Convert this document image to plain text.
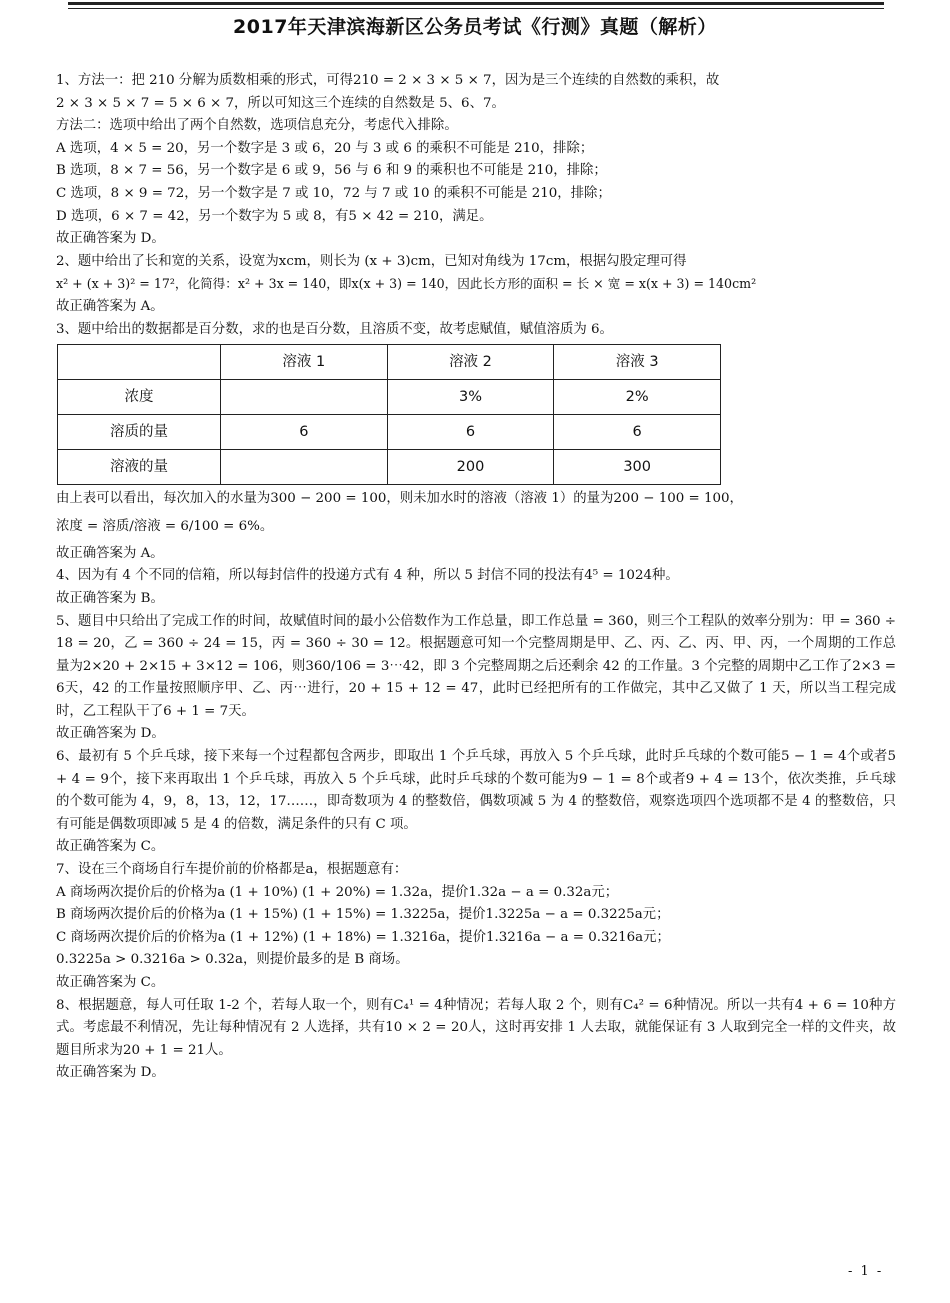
2017年天津滨海新区公务员考试《行测》真题（解析）

1、方法一：把 210 分解为质数相乘的形式，可得210 = 2 × 3 × 5 × 7，因为是三个连续的自然数的乘积，故

2 × 3 × 5 × 7 = 5 × 6 × 7，所以可知这三个连续的自然数是 5、6、7。

方法二：选项中给出了两个自然数，选项信息充分，考虑代入排除。

A 选项，4 × 5 = 20，另一个数字是 3 或 6，20 与 3 或 6 的乘积不可能是 210，排除；

B 选项，8 × 7 = 56，另一个数字是 6 或 9，56 与 6 和 9 的乘积也不可能是 210，排除；

C 选项，8 × 9 = 72，另一个数字是 7 或 10，72 与 7 或 10 的乘积不可能是 210，排除；

D 选项，6 × 7 = 42，另一个数字为 5 或 8，有5 × 42 = 210，满足。

故正确答案为 D。

2、题中给出了长和宽的关系，设宽为xcm，则长为 (x + 3)cm，已知对角线为 17cm，根据勾股定理可得

x² + (x + 3)² = 17²，化简得：x² + 3x = 140，即x(x + 3) = 140，因此长方形的面积 = 长 × 宽 = x(x + 3) = 140cm²

故正确答案为 A。

3、题中给出的数据都是百分数，求的也是百分数，且溶质不变，故考虑赋值，赋值溶质为 6。

	溶液 1	溶液 2	溶液 3
浓度		3%	2%
溶质的量	6	6	6
溶液的量		200	300

由上表可以看出，每次加入的水量为300 − 200 = 100，则未加水时的溶液（溶液 1）的量为200 − 100 = 100，

浓度 = 溶质/溶液 = 6/100 = 6%。

故正确答案为 A。

4、因为有 4 个不同的信箱，所以每封信件的投递方式有 4 种，所以 5 封信不同的投法有4⁵ = 1024种。

故正确答案为 B。

5、题目中只给出了完成工作的时间，故赋值时间的最小公倍数作为工作总量，即工作总量 = 360，则三个工程队的效率分别为：甲 = 360 ÷ 18 = 20，乙 = 360 ÷ 24 = 15，丙 = 360 ÷ 30 = 12。根据题意可知一个完整周期是甲、乙、丙、乙、丙、甲、丙，一个周期的工作总量为2×20 + 2×15 + 3×12 = 106，则360/106 = 3⋯42，即 3 个完整周期之后还剩余 42 的工作量。3 个完整的周期中乙工作了2×3 = 6天，42 的工作量按照顺序甲、乙、丙⋯进行，20 + 15 + 12 = 47，此时已经把所有的工作做完，其中乙又做了 1 天，所以当工程完成时，乙工程队干了6 + 1 = 7天。

故正确答案为 D。

6、最初有 5 个乒乓球，接下来每一个过程都包含两步，即取出 1 个乒乓球，再放入 5 个乒乓球，此时乒乓球的个数可能5 − 1 = 4个或者5 + 4 = 9个，接下来再取出 1 个乒乓球，再放入 5 个乒乓球，此时乒乓球的个数可能为9 − 1 = 8个或者9 + 4 = 13个，依次类推，乒乓球的个数可能为 4，9，8，13，12，17……，即奇数项为 4 的整数倍，偶数项减 5 为 4 的整数倍，观察选项四个选项都不是 4 的整数倍，只有可能是偶数项即减 5 是 4 的倍数，满足条件的只有 C 项。

故正确答案为 C。

7、设在三个商场自行车提价前的价格都是a，根据题意有：

A 商场两次提价后的价格为a (1 + 10%) (1 + 20%) = 1.32a，提价1.32a − a = 0.32a元；

B 商场两次提价后的价格为a (1 + 15%) (1 + 15%) = 1.3225a，提价1.3225a − a = 0.3225a元；

C 商场两次提价后的价格为a (1 + 12%) (1 + 18%) = 1.3216a，提价1.3216a − a = 0.3216a元；

0.3225a > 0.3216a > 0.32a，则提价最多的是 B 商场。

故正确答案为 C。

8、根据题意，每人可任取 1-2 个，若每人取一个，则有C₄¹ = 4种情况；若每人取 2 个，则有C₄² = 6种情况。所以一共有4 + 6 = 10种方式。考虑最不利情况，先让每种情况有 2 人选择，共有10 × 2 = 20人，这时再安排 1 人去取，就能保证有 3 人取到完全一样的文件夹，故题目所求为20 + 1 = 21人。

故正确答案为 D。

- 1 -
